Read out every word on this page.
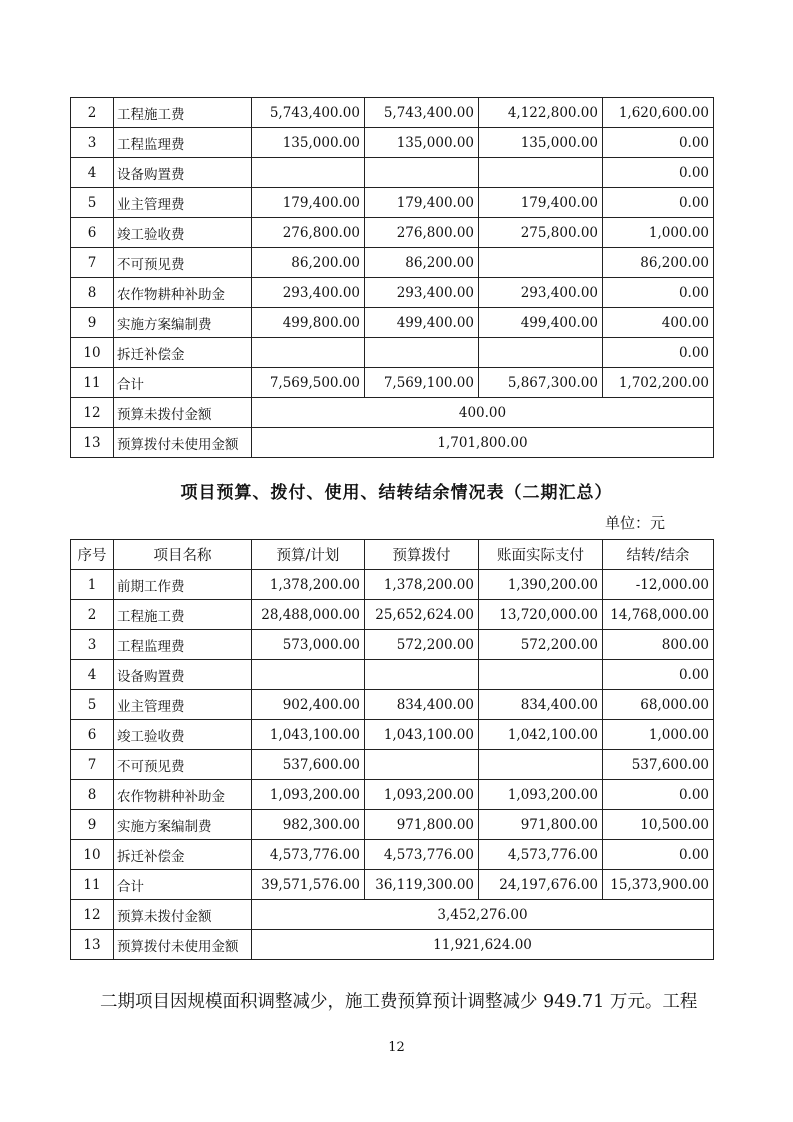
2	工程施工费	5,743,400.00	5,743,400.00	4,122,800.00	1,620,600.00
3	工程监理费	135,000.00	135,000.00	135,000.00	0.00
4	设备购置费				0.00
5	业主管理费	179,400.00	179,400.00	179,400.00	0.00
6	竣工验收费	276,800.00	276,800.00	275,800.00	1,000.00
7	不可预见费	86,200.00	86,200.00		86,200.00
8	农作物耕种补助金	293,400.00	293,400.00	293,400.00	0.00
9	实施方案编制费	499,800.00	499,400.00	499,400.00	400.00
10	拆迁补偿金				0.00
11	合计	7,569,500.00	7,569,100.00	5,867,300.00	1,702,200.00
12	预算未拨付金额	400.00			
13	预算拨付未使用金额	1,701,800.00			
项目预算、拨付、使用、结转结余情况表（二期汇总）
单位：元
序号	项目名称	预算/计划	预算拨付	账面实际支付	结转/结余
1	前期工作费	1,378,200.00	1,378,200.00	1,390,200.00	-12,000.00
2	工程施工费	28,488,000.00	25,652,624.00	13,720,000.00	14,768,000.00
3	工程监理费	573,000.00	572,200.00	572,200.00	800.00
4	设备购置费				0.00
5	业主管理费	902,400.00	834,400.00	834,400.00	68,000.00
6	竣工验收费	1,043,100.00	1,043,100.00	1,042,100.00	1,000.00
7	不可预见费	537,600.00			537,600.00
8	农作物耕种补助金	1,093,200.00	1,093,200.00	1,093,200.00	0.00
9	实施方案编制费	982,300.00	971,800.00	971,800.00	10,500.00
10	拆迁补偿金	4,573,776.00	4,573,776.00	4,573,776.00	0.00
11	合计	39,571,576.00	36,119,300.00	24,197,676.00	15,373,900.00
12	预算未拨付金额	3,452,276.00			
13	预算拨付未使用金额	11,921,624.00			
二期项目因规模面积调整减少，施工费预算预计调整减少 949.71 万元。工程
12
